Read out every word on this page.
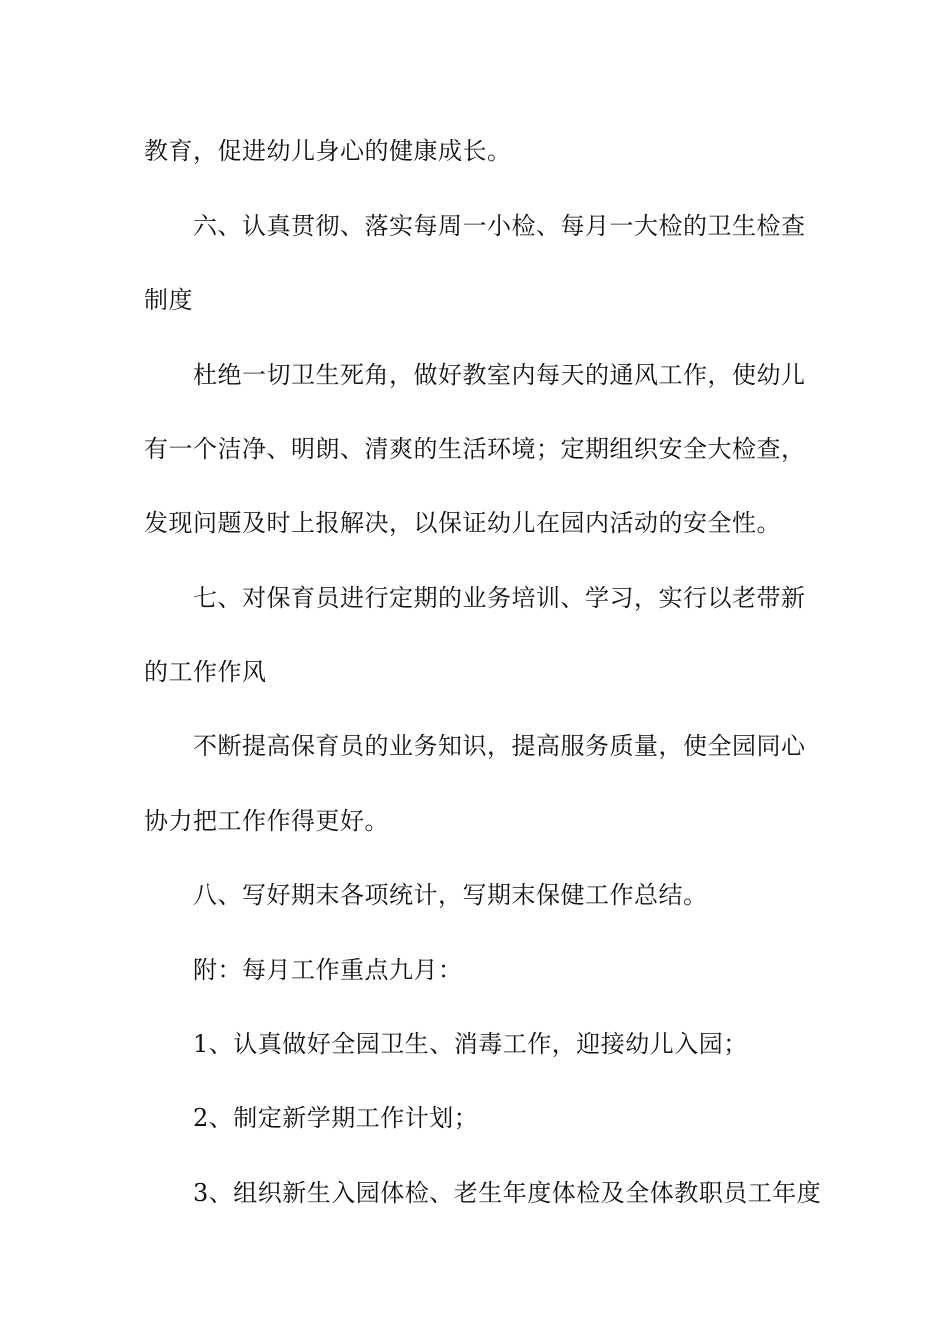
教育，促进幼儿身心的健康成长。
六、认真贯彻、落实每周一小检、每月一大检的卫生检查
制度
杜绝一切卫生死角，做好教室内每天的通风工作，使幼儿
有一个洁净、明朗、清爽的生活环境；定期组织安全大检查，
发现问题及时上报解决，以保证幼儿在园内活动的安全性。
七、对保育员进行定期的业务培训、学习，实行以老带新
的工作作风
不断提高保育员的业务知识，提高服务质量，使全园同心
协力把工作作得更好。
八、写好期末各项统计，写期末保健工作总结。
附：每月工作重点九月：
1、认真做好全园卫生、消毒工作，迎接幼儿入园；
2、制定新学期工作计划；
3、组织新生入园体检、老生年度体检及全体教职员工年度
